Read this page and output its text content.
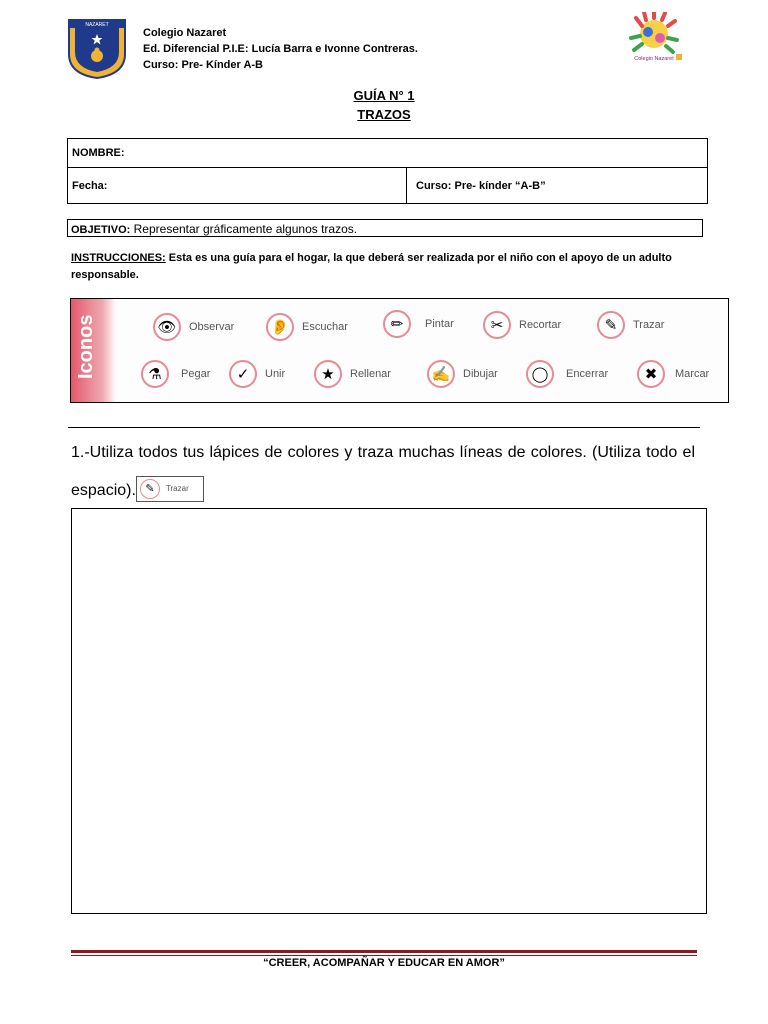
NAZARET
Colegio Nazaret
Ed. Diferencial P.I.E: Lucía Barra e Ivonne Contreras.
Curso: Pre- Kínder A-B	Colegio Nazaret
GUÍA N° 1
TRAZOS
NOMBRE:
Fecha:	Curso: Pre- kínder “A-B”
OBJETIVO: Representar gráficamente algunos trazos.
INSTRUCCIONES: Esta es una guía para el hogar, la que deberá ser realizada por el niño con el apoyo de un adulto responsable.
Iconos	👁	Observar	👂	Escuchar	✏	Pintar	✂	Recortar	✎	Trazar
⚗	Pegar	✓	Unir	★	Rellenar	✍	Dibujar	◯	Encerrar	✖	Marcar
1.-Utiliza todos tus lápices de colores y traza muchas líneas de colores. (Utiliza todo el espacio). ✎	Trazar
“CREER, ACOMPAÑAR Y EDUCAR EN AMOR”
